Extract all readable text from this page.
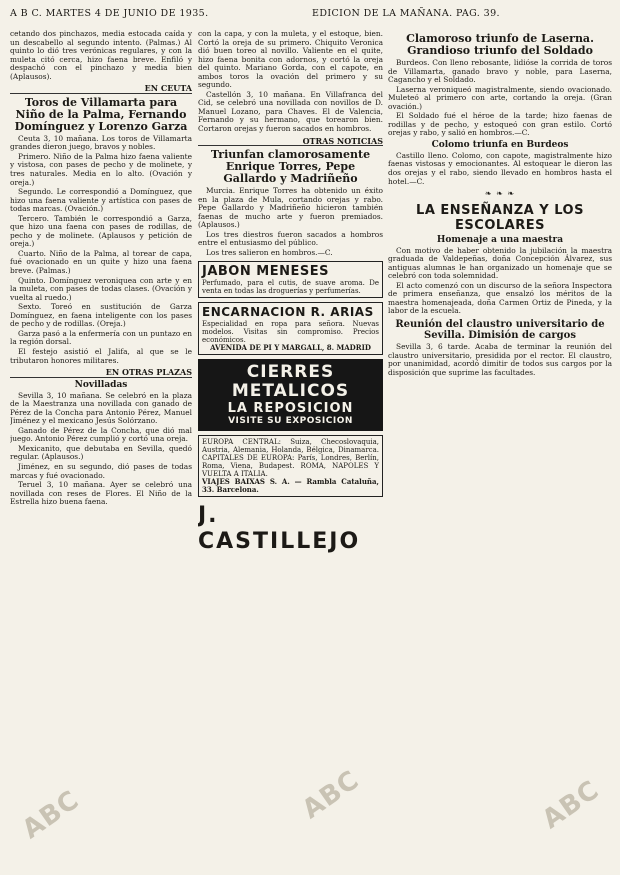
A B C. MARTES 4 DE JUNIO DE 1935.	EDICION DE LA MAÑANA. PAG. 39.

cetando dos pinchazos, media estocada caída y un descabello al segundo intento. (Palmas.) Al quinto lo dió tres verónicas regulares, y con la muleta citó cerca, hizo faena breve. Enfiló y despachó con el pinchazo y media bien (Aplausos).

EN CEUTA
Toros de Villamarta para Niño de la Palma, Fernando Domínguez y Lorenzo Garza

Ceuta 3, 10 mañana. Los toros de Villamarta grandes dieron juego, bravos y nobles.

Primero. Niño de la Palma hizo faena valiente y vistosa, con pases de pecho y de molinete, y tres naturales. Media en lo alto. (Ovación y oreja.)

Segundo. Le correspondió a Domínguez, que hizo una faena valiente y artística con pases de todas marcas. (Ovación.)

Tercero. También le correspondió a Garza, que hizo una faena con pases de rodillas, de pecho y de molinete. (Aplausos y petición de oreja.)

Cuarto. Niño de la Palma, al torear de capa, fué ovacionado en un quite y hizo una faena breve. (Palmas.)

Quinto. Domínguez veroniquea con arte y en la muleta, con pases de todas clases. (Ovación y vuelta al ruedo.)

Sexto. Toreó en sustitución de Garza Domínguez, en faena inteligente con los pases de pecho y de rodillas. (Oreja.)

Garza pasó a la enfermería con un puntazo en la región dorsal.

El festejo asistió el Jalifa, al que se le tributaron honores militares.

EN OTRAS PLAZAS
Novilladas

Sevilla 3, 10 mañana. Se celebró en la plaza de la Maestranza una novillada con ganado de Pérez de la Concha para Antonio Pérez, Manuel Jiménez y el mexicano Jesús Solórzano.

Ganado de Pérez de la Concha, que dió mal juego. Antonio Pérez cumplió y cortó una oreja.

Mexicanito, que debutaba en Sevilla, quedó regular. (Aplausos.)

Jiménez, en su segundo, dió pases de todas marcas y fué ovacionado.

Teruel 3, 10 mañana. Ayer se celebró una novillada con reses de Flores. El Niño de la Estrella hizo buena faena.

con la capa, y con la muleta, y el estoque, bien. Cortó la oreja de su primero. Chiquito Veronica dió buen toreo al novillo. Valiente en el quite, hizo faena bonita con adornos, y cortó la oreja del quinto. Mariano Gorda, con el capote, en ambos toros la ovación del primero y su segundo.

Castellón 3, 10 mañana. En Villafranca del Cid, se celebró una novillada con novillos de D. Manuel Lozano, para Chaves. El de Valencia, Fernando y su hermano, que torearon bien. Cortaron orejas y fueron sacados en hombros.

OTRAS NOTICIAS
Triunfan clamorosamente Enrique Torres, Pepe Gallardo y Madriñeño

Murcia. Enrique Torres ha obtenido un éxito en la plaza de Mula, cortando orejas y rabo. Pepe Gallardo y Madriñeño hicieron también faenas de mucho arte y fueron premiados. (Aplausos.)

Los tres diestros fueron sacados a hombros entre el entusiasmo del público.

Los tres salieron en hombros.—C.

JABON MENESES
Perfumado, para el cutis, de suave aroma. De venta en todas las droguerías y perfumerías.
ENCARNACION R. ARIAS
Especialidad en ropa para señora. Nuevas modelos. Visitas sin compromiso. Precios económicos.
AVENIDA DE PI Y MARGALL, 8. MADRID
CIERRES METALICOS
LA REPOSICION
VISITE SU EXPOSICION
EUROPA CENTRAL: Suiza, Checoslovaquia, Austria, Alemania, Holanda, Bélgica, Dinamarca. CAPITALES DE EUROPA: París, Londres, Berlín, Roma, Viena, Budapest. ROMA, NAPOLES Y VUELTA A ITALIA.
VIAJES BAIXAS S. A. — Rambla Cataluña, 33. Barcelona.
J. CASTILLEJO
Clamoroso triunfo de Laserna. Grandioso triunfo del Soldado

Burdeos. Con lleno rebosante, lidióse la corrida de toros de Villamarta, ganado bravo y noble, para Laserna, Cagancho y el Soldado.

Laserna veroniqueó magistralmente, siendo ovacionado. Muleteó al primero con arte, cortando la oreja. (Gran ovación.)

El Soldado fué el héroe de la tarde; hizo faenas de rodillas y de pecho, y estoqueó con gran estilo. Cortó orejas y rabo, y salió en hombros.—C.

Colomo triunfa en Burdeos

Castillo lleno. Colomo, con capote, magistralmente hizo faenas vistosas y emocionantes. Al estoquear le dieron las dos orejas y el rabo, siendo llevado en hombros hasta el hotel.—C.

❧ ❧ ❧
LA ENSEÑANZA Y LOS ESCOLARES
Homenaje a una maestra

Con motivo de haber obtenido la jubilación la maestra graduada de Valdepeñas, doña Concepción Álvarez, sus antiguas alumnas le han organizado un homenaje que se celebró con toda solemnidad.

El acto comenzó con un discurso de la señora Inspectora de primera enseñanza, que ensalzó los méritos de la maestra homenajeada, doña Carmen Ortiz de Pineda, y la labor de la escuela.

Reunión del claustro universitario de Sevilla. Dimisión de cargos

Sevilla 3, 6 tarde. Acaba de terminar la reunión del claustro universitario, presidida por el rector. El claustro, por unanimidad, acordó dimitir de todos sus cargos por la disposición que suprime las facultades.

ABC	ABC	ABC
